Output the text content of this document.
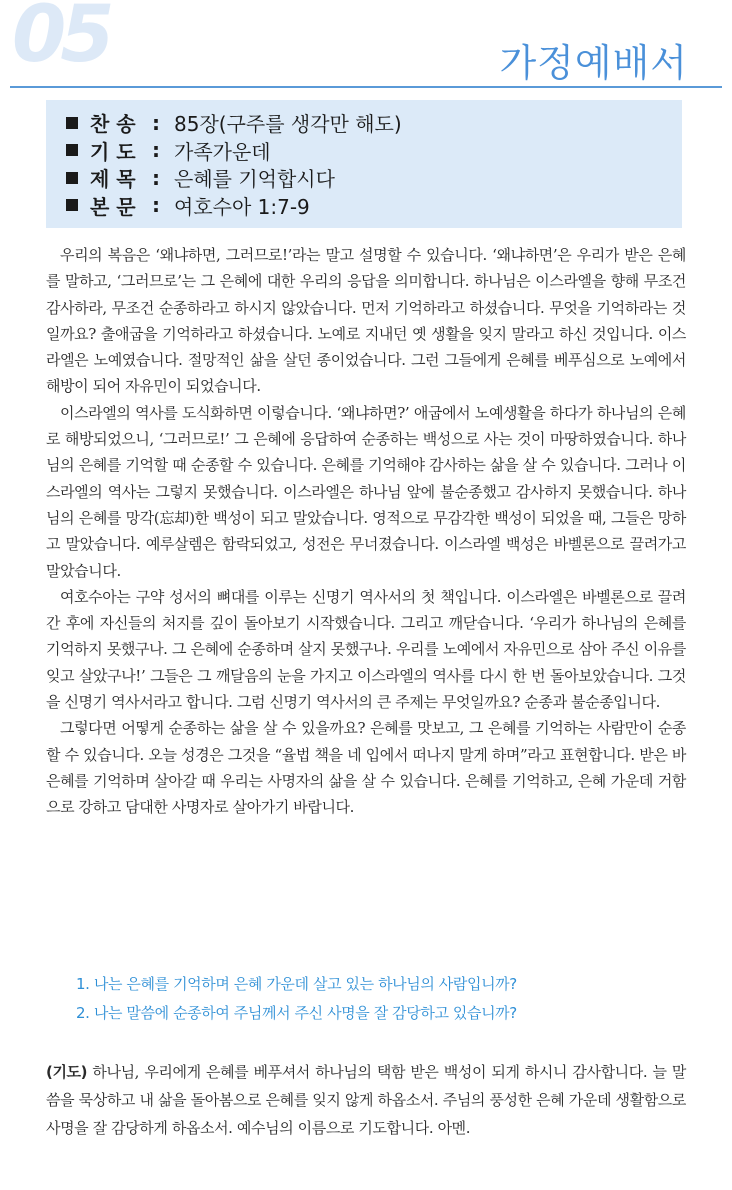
05	가정예배서
찬 송 : 85장(구주를 생각만 해도)
기 도 : 가족가운데
제 목 : 은혜를 기억합시다
본 문 : 여호수아 1:7-9

우리의 복음은 ‘왜냐하면, 그러므로!’라는 말고 설명할 수 있습니다. ‘왜냐하면’은 우리가 받은 은혜를 말하고, ‘그러므로’는 그 은혜에 대한 우리의 응답을 의미합니다. 하나님은 이스라엘을 향해 무조건 감사하라, 무조건 순종하라고 하시지 않았습니다. 먼저 기억하라고 하셨습니다. 무엇을 기억하라는 것일까요? 출애굽을 기억하라고 하셨습니다. 노예로 지내던 옛 생활을 잊지 말라고 하신 것입니다. 이스라엘은 노예였습니다. 절망적인 삶을 살던 종이었습니다. 그런 그들에게 은혜를 베푸심으로 노예에서 해방이 되어 자유민이 되었습니다.

이스라엘의 역사를 도식화하면 이렇습니다. ‘왜냐하면?’ 애굽에서 노예생활을 하다가 하나님의 은혜로 해방되었으니, ‘그러므로!’ 그 은혜에 응답하여 순종하는 백성으로 사는 것이 마땅하였습니다. 하나님의 은혜를 기억할 때 순종할 수 있습니다. 은혜를 기억해야 감사하는 삶을 살 수 있습니다. 그러나 이스라엘의 역사는 그렇지 못했습니다. 이스라엘은 하나님 앞에 불순종했고 감사하지 못했습니다. 하나님의 은혜를 망각(忘却)한 백성이 되고 말았습니다. 영적으로 무감각한 백성이 되었을 때, 그들은 망하고 말았습니다. 예루살렘은 함락되었고, 성전은 무너졌습니다. 이스라엘 백성은 바벨론으로 끌려가고 말았습니다.

여호수아는 구약 성서의 뼈대를 이루는 신명기 역사서의 첫 책입니다. 이스라엘은 바벨론으로 끌려간 후에 자신들의 처지를 깊이 돌아보기 시작했습니다. 그리고 깨닫습니다. ‘우리가 하나님의 은혜를 기억하지 못했구나. 그 은혜에 순종하며 살지 못했구나. 우리를 노예에서 자유민으로 삼아 주신 이유를 잊고 살았구나!’ 그들은 그 깨달음의 눈을 가지고 이스라엘의 역사를 다시 한 번 돌아보았습니다. 그것을 신명기 역사서라고 합니다. 그럼 신명기 역사서의 큰 주제는 무엇일까요? 순종과 불순종입니다.

그렇다면 어떻게 순종하는 삶을 살 수 있을까요? 은혜를 맛보고, 그 은혜를 기억하는 사람만이 순종할 수 있습니다. 오늘 성경은 그것을 “율법 책을 네 입에서 떠나지 말게 하며”라고 표현합니다. 받은 바 은혜를 기억하며 살아갈 때 우리는 사명자의 삶을 살 수 있습니다. 은혜를 기억하고, 은혜 가운데 거함으로 강하고 담대한 사명자로 살아가기 바랍니다.

1. 나는 은혜를 기억하며 은혜 가운데 살고 있는 하나님의 사람입니까?
2. 나는 말씀에 순종하여 주님께서 주신 사명을 잘 감당하고 있습니까?

(기도) 하나님, 우리에게 은혜를 베푸셔서 하나님의 택함 받은 백성이 되게 하시니 감사합니다. 늘 말씀을 묵상하고 내 삶을 돌아봄으로 은혜를 잊지 않게 하옵소서. 주님의 풍성한 은혜 가운데 생활함으로 사명을 잘 감당하게 하옵소서. 예수님의 이름으로 기도합니다. 아멘.
